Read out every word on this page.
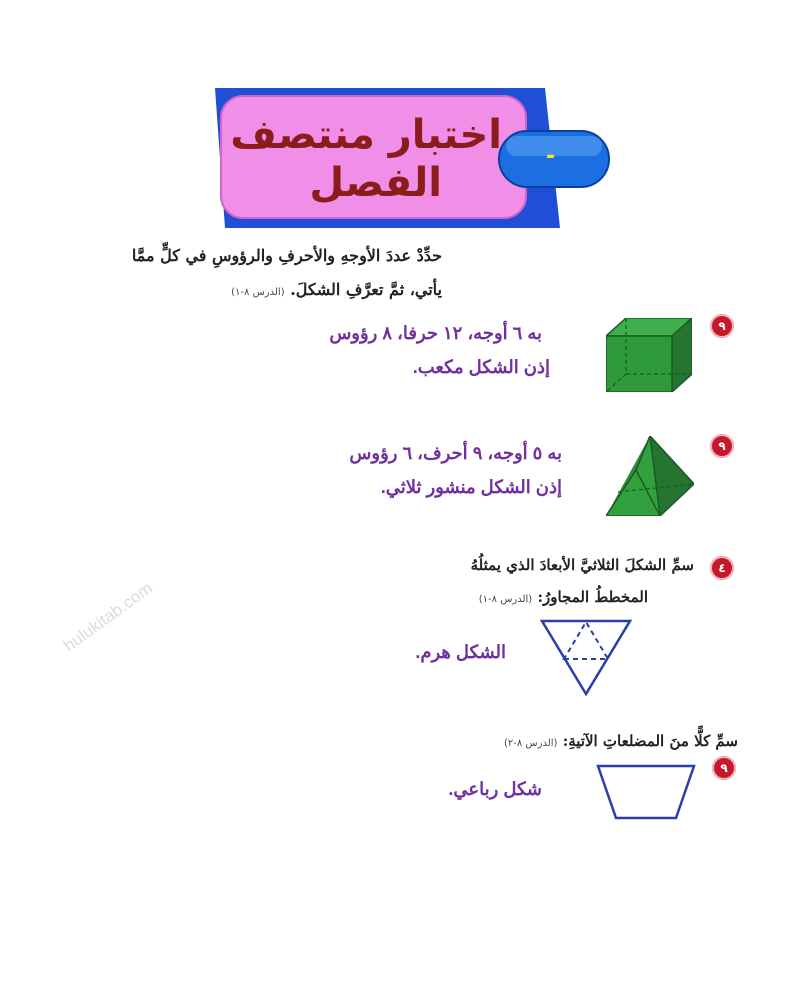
اختبار منتصف
الفصل
-
حدِّدْ عددَ الأوجهِ والأحرفِ والرؤوسِ في كلٍّ ممَّا
يأتي، ثمَّ تعرَّفِ الشكلَ. (الدرس ٨-١)
٩
به ٦ أوجه، ١٢ حرفا، ٨ رؤوس
إذن الشكل مكعب.
٩
به ٥ أوجه، ٩ أحرف، ٦ رؤوس
إذن الشكل منشور ثلاثي.
٤
سمِّ الشكلَ الثلاثيَّ الأبعادَ الذي يمثلُهُ
المخططُ المجاورُ: (الدرس ٨-١)
الشكل هرم.
سمِّ كلًّا منَ المضلعاتِ الآتيةِ: (الدرس ٨-٢)
٩
شكل رباعي.
hulukitab.com
